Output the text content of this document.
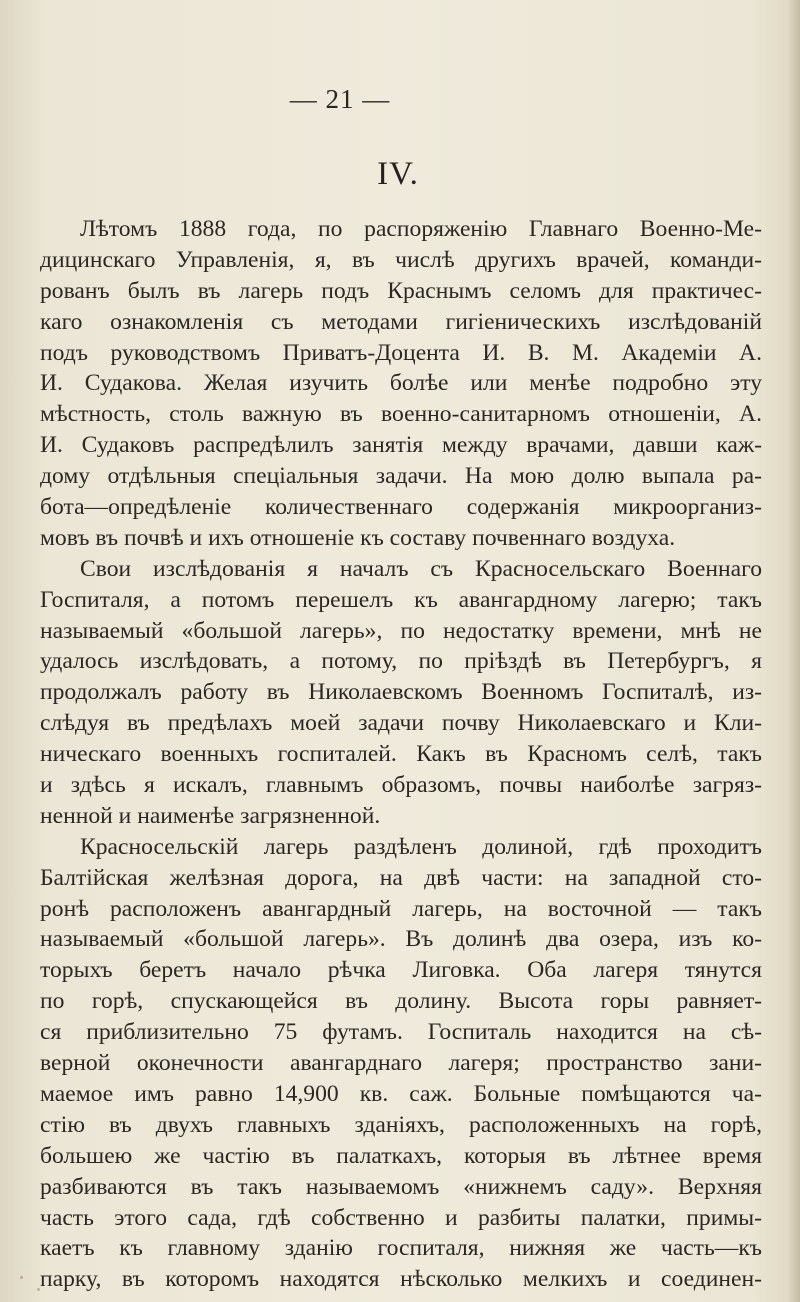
— 21 —
IV.
Лѣтомъ 1888 года, по распоряженію Главнаго Военно-Ме-
дицинскаго Управленія, я, въ числѣ другихъ врачей, команди-
рованъ былъ въ лагерь подъ Краснымъ селомъ для практичес-
каго ознакомленія съ методами гигіеническихъ изслѣдованій
подъ руководствомъ Приватъ-Доцента И. В. М. Академіи А.
И. Судакова. Желая изучить болѣе или менѣе подробно эту
мѣстность, столь важную въ военно-санитарномъ отношеніи, А.
И. Судаковъ распредѣлилъ занятія между врачами, давши каж-
дому отдѣльныя спеціальныя задачи. На мою долю выпала ра-
бота—опредѣленіе количественнаго содержанія микроорганиз-
мовъ въ почвѣ и ихъ отношеніе къ составу почвеннаго воздуха.
Свои изслѣдованія я началъ съ Красносельскаго Военнаго
Госпиталя, а потомъ перешелъ къ авангардному лагерю; такъ
называемый «большой лагерь», по недостатку времени, мнѣ не
удалось изслѣдовать, а потому, по пріѣздѣ въ Петербургъ, я
продолжалъ работу въ Николаевскомъ Военномъ Госпиталѣ, из-
слѣдуя въ предѣлахъ моей задачи почву Николаевскаго и Кли-
ническаго военныхъ госпиталей. Какъ въ Красномъ селѣ, такъ
и здѣсь я искалъ, главнымъ образомъ, почвы наиболѣе загряз-
ненной и наименѣе загрязненной.
Красносельскій лагерь раздѣленъ долиной, гдѣ проходитъ
Балтійская желѣзная дорога, на двѣ части: на западной сто-
ронѣ расположенъ авангардный лагерь, на восточной — такъ
называемый «большой лагерь». Въ долинѣ два озера, изъ ко-
торыхъ беретъ начало рѣчка Лиговка. Оба лагеря тянутся
по горѣ, спускающейся въ долину. Высота горы равняет-
ся приблизительно 75 футамъ. Госпиталь находится на сѣ-
верной оконечности авангарднаго лагеря; пространство зани-
маемое имъ равно 14,900 кв. саж. Больные помѣщаются ча-
стію въ двухъ главныхъ зданіяхъ, расположенныхъ на горѣ,
большею же частію въ палаткахъ, которыя въ лѣтнее время
разбиваются въ такъ называемомъ «нижнемъ саду». Верхняя
часть этого сада, гдѣ собственно и разбиты палатки, примы-
каетъ къ главному зданію госпиталя, нижняя же часть—къ
парку, въ которомъ находятся нѣсколько мелкихъ и соединен-
